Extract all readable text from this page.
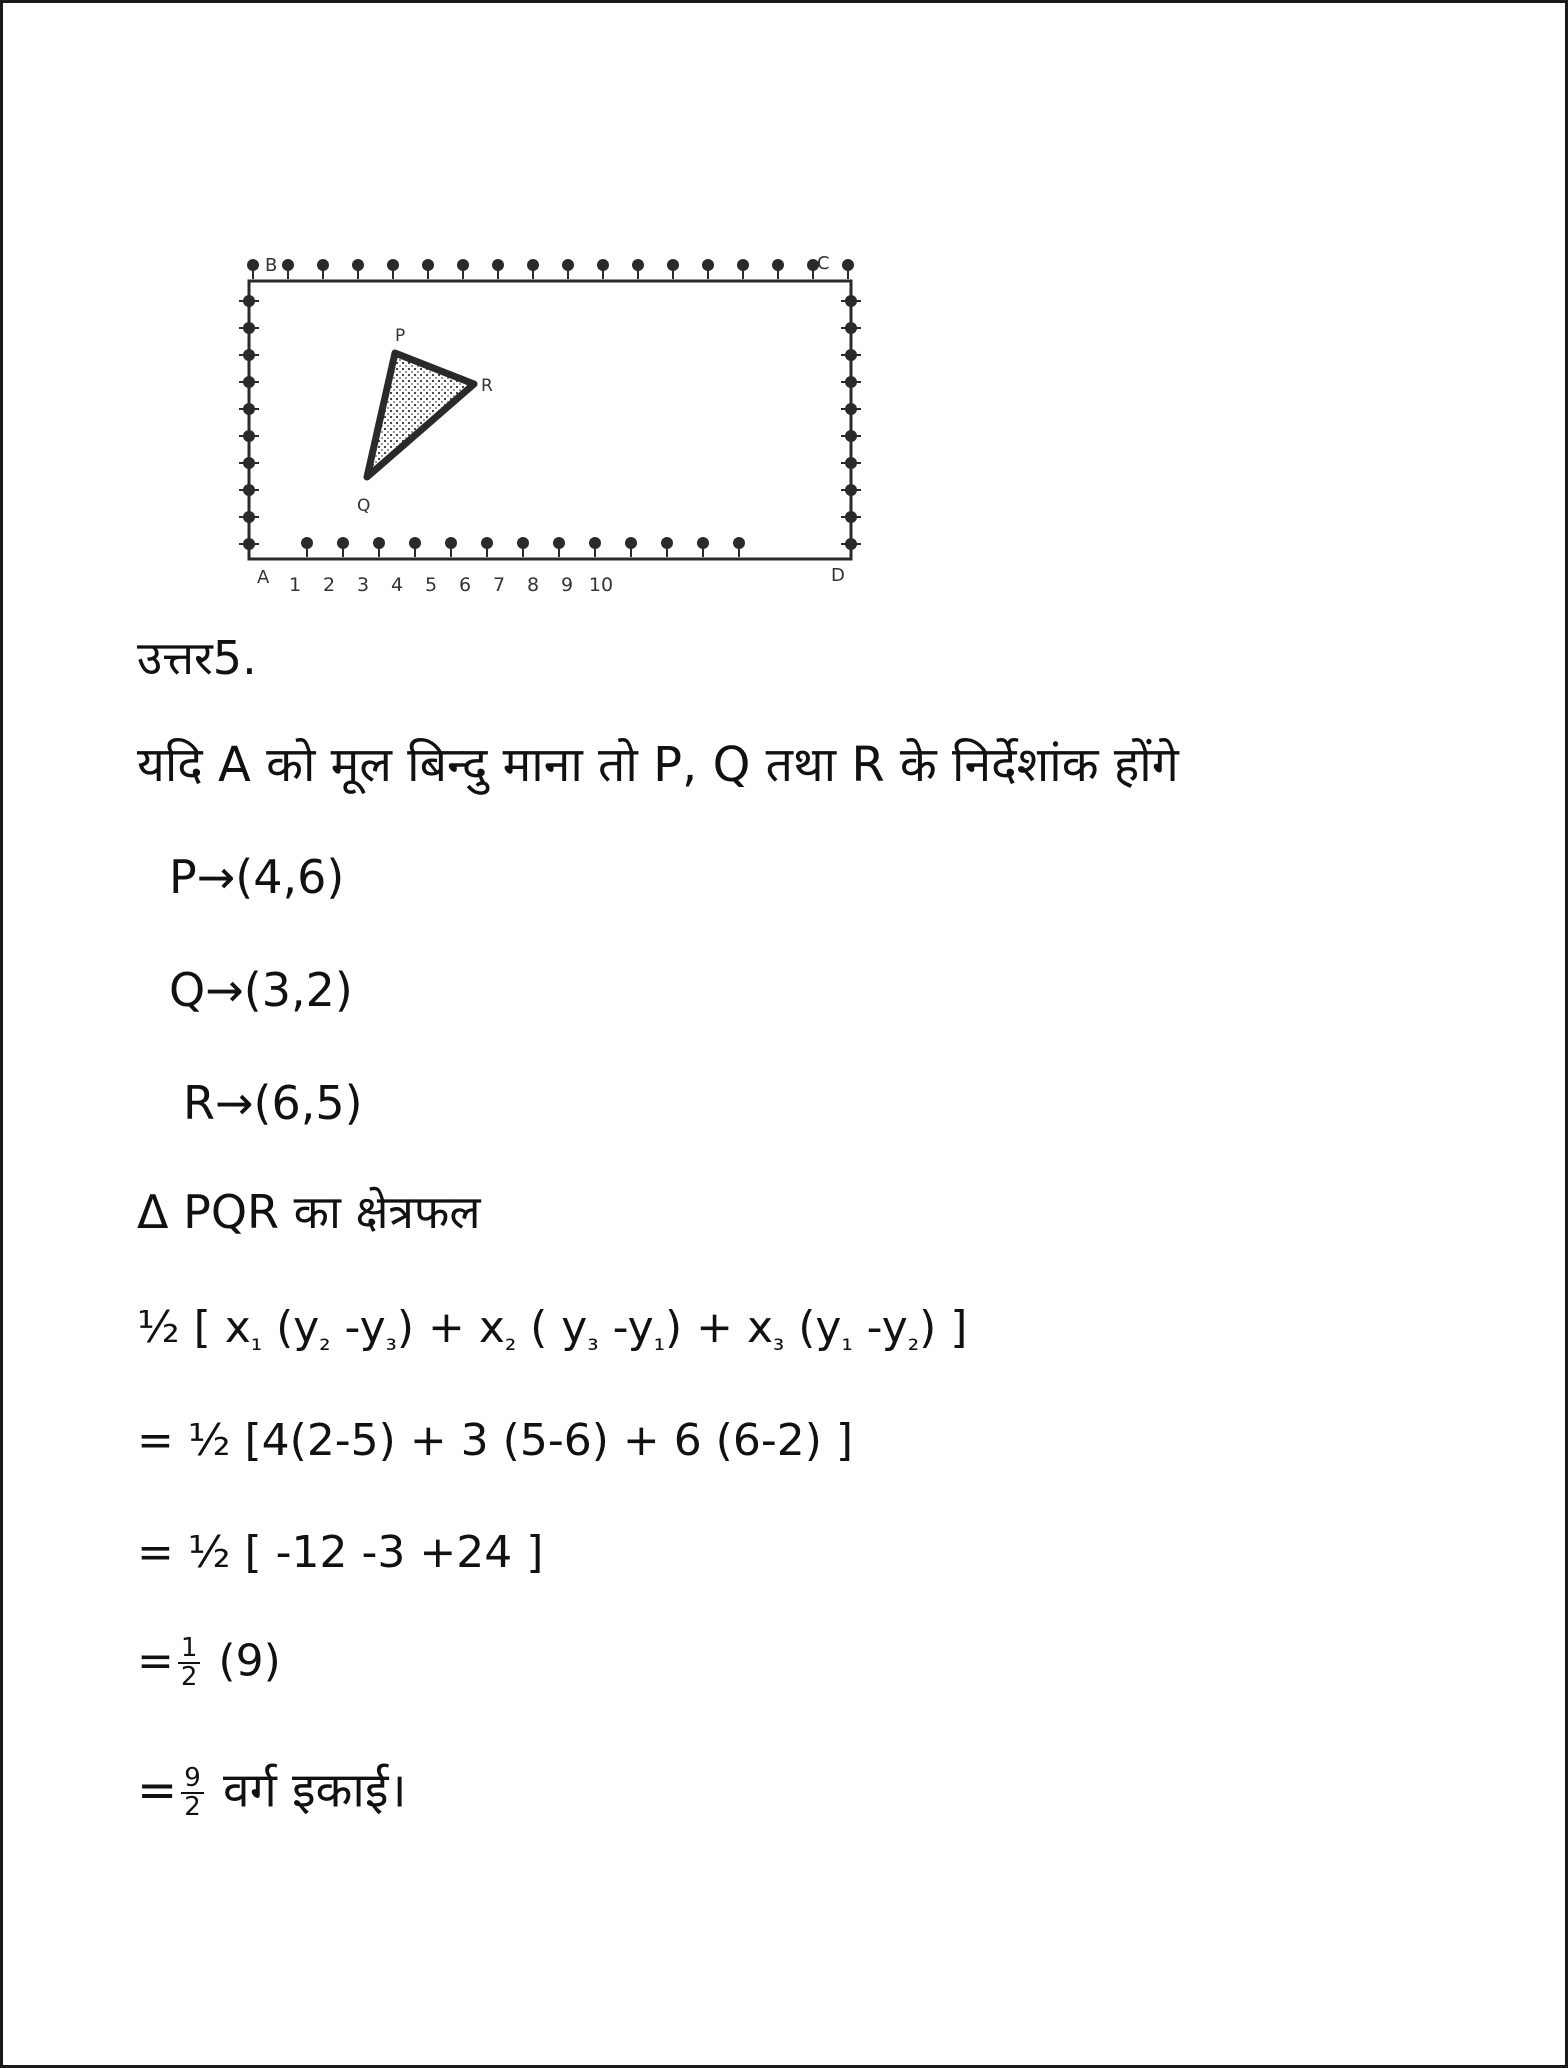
B	C
A	D
P
R
Q
1 2 3 4 5 6 7 8 9 10
उत्तर5.
यदि A को मूल बिन्दु माना तो P, Q तथा R के निर्देशांक होंगे
P→(4,6)
Q→(3,2)
R→(6,5)
Δ PQR का क्षेत्रफल
½ [ x₁ (y₂ -y₃) + x₂ ( y₃ -y₁) + x₃ (y₁ -y₂) ]
= ½ [4(2-5) + 3 (5-6) + 6 (6-2) ]
= ½ [ -12 -3 +24 ]
= $\frac{1}{2} (9)$
= $\frac{9}{2}$ वर्ग इकाई।
